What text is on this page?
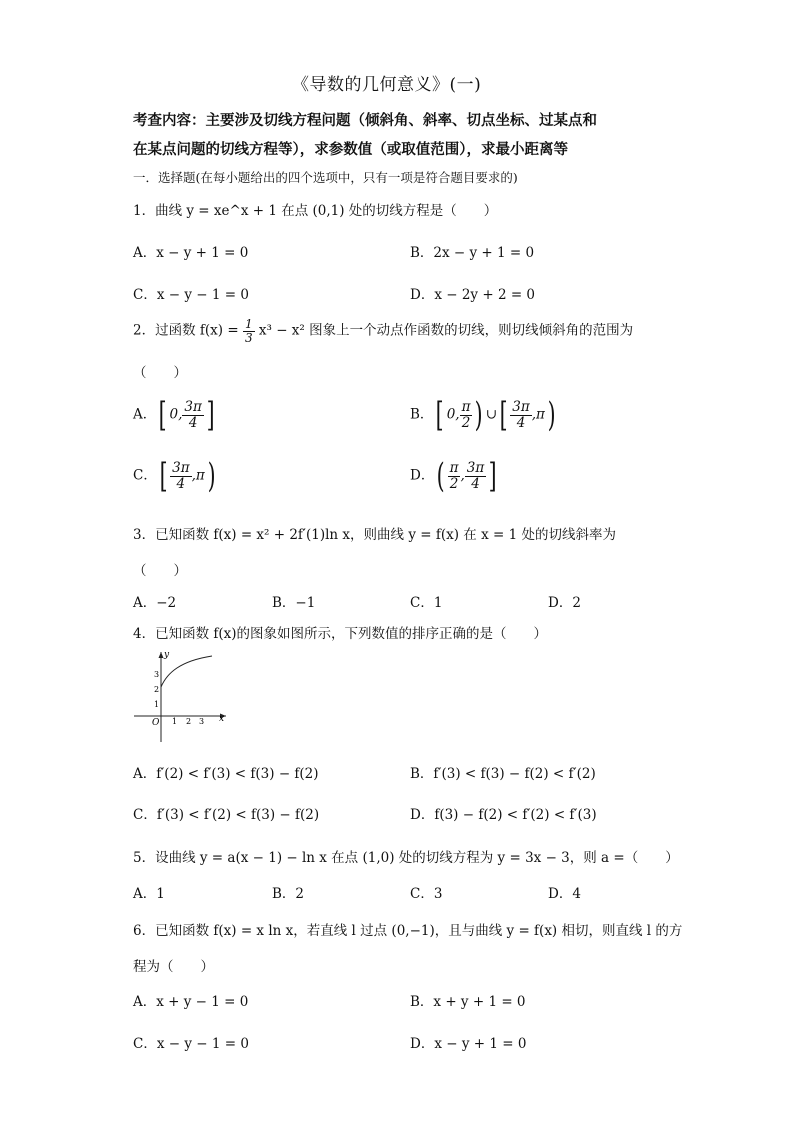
《导数的几何意义》(一)
考查内容：主要涉及切线方程问题（倾斜角、斜率、切点坐标、过某点和
在某点问题的切线方程等），求参数值（或取值范围），求最小距离等
一．选择题(在每小题给出的四个选项中，只有一项是符合题目要求的)
1．曲线 y = xe^x + 1 在点 (0,1) 处的切线方程是（　　）
A．x − y + 1 = 0	B．2x − y + 1 = 0
C．x − y − 1 = 0	D．x − 2y + 2 = 0
2．过函数 $f(x) = \frac{1}{3} x^3 - x^2$ 图象上一个动点作函数的切线，则切线倾斜角的范围为
（　　）
A．[ 0, $\frac{3\pi}{4}$ ]	B．[ 0, $\frac{\pi}{2}$ ) ∪[ $\frac{3\pi}{4} ,\pi$)
C．[ $\frac{3\pi}{4} ,\pi$)	D．( $\frac{\pi}{2}$ , $\frac{3\pi}{4}$ ]
3．已知函数 f(x) = x² + 2f′(1)ln x，则曲线 y = f(x) 在 x = 1 处的切线斜率为
（　　）
A．−2	B．−1	C．1	D．2
4．已知函数 f(x)的图象如图所示，下列数值的排序正确的是（　　）
y
x
O
1
2
3
1 2 3
A．f′(2) < f′(3) < f(3) − f(2)	B．f′(3) < f(3) − f(2) < f′(2)
C．f′(3) < f′(2) < f(3) − f(2)	D．f(3) − f(2) < f′(2) < f′(3)
5．设曲线 y = a(x − 1) − ln x 在点 (1,0) 处的切线方程为 y = 3x − 3，则 a =（　　）
A．1	B．2	C．3	D．4
6．已知函数 f(x) = x ln x，若直线 l 过点 (0,−1)，且与曲线 y = f(x) 相切，则直线 l 的方
程为（　　）
A．x + y − 1 = 0	B．x + y + 1 = 0
C．x − y − 1 = 0	D．x − y + 1 = 0
